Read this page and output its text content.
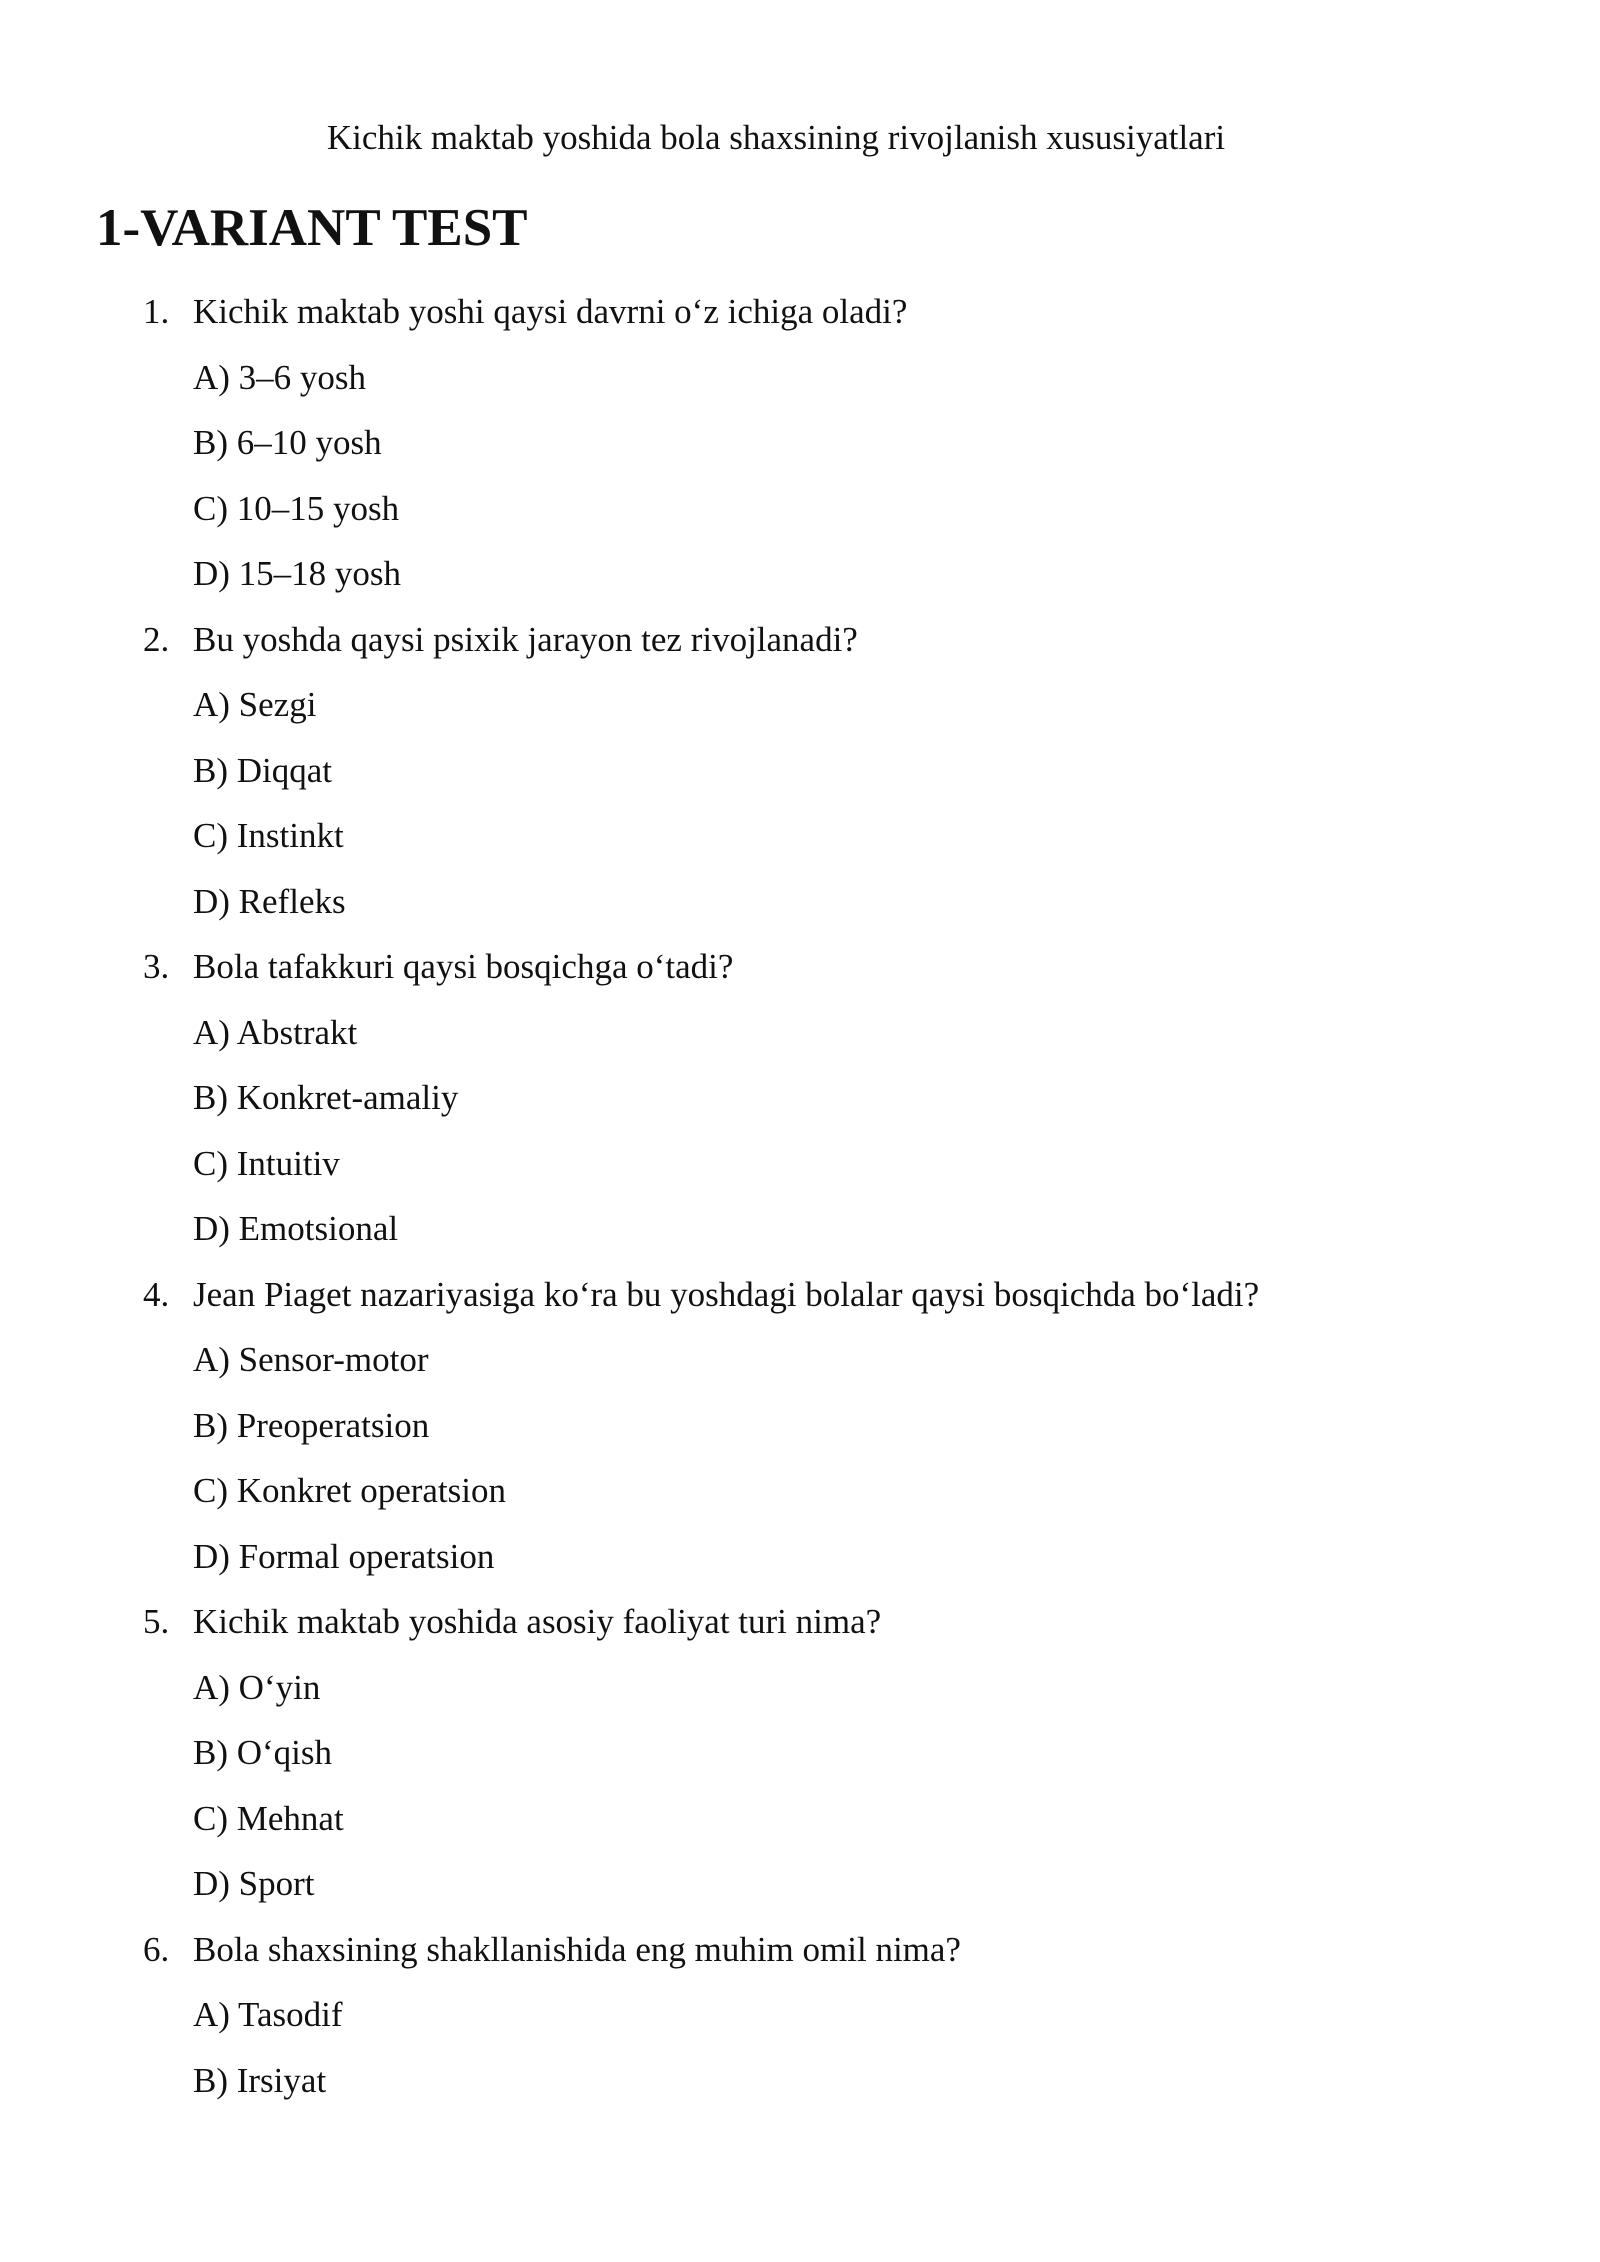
Kichik maktab yoshida bola shaxsining rivojlanish xususiyatlari
1-VARIANT TEST
1. Kichik maktab yoshi qaysi davrni o‘z ichiga oladi?
A) 3–6 yosh
B) 6–10 yosh
C) 10–15 yosh
D) 15–18 yosh
2. Bu yoshda qaysi psixik jarayon tez rivojlanadi?
A) Sezgi
B) Diqqat
C) Instinkt
D) Refleks
3. Bola tafakkuri qaysi bosqichga o‘tadi?
A) Abstrakt
B) Konkret-amaliy
C) Intuitiv
D) Emotsional
4. Jean Piaget nazariyasiga ko‘ra bu yoshdagi bolalar qaysi bosqichda bo‘ladi?
A) Sensor-motor
B) Preoperatsion
C) Konkret operatsion
D) Formal operatsion
5. Kichik maktab yoshida asosiy faoliyat turi nima?
A) O‘yin
B) O‘qish
C) Mehnat
D) Sport
6. Bola shaxsining shakllanishida eng muhim omil nima?
A) Tasodif
B) Irsiyat
